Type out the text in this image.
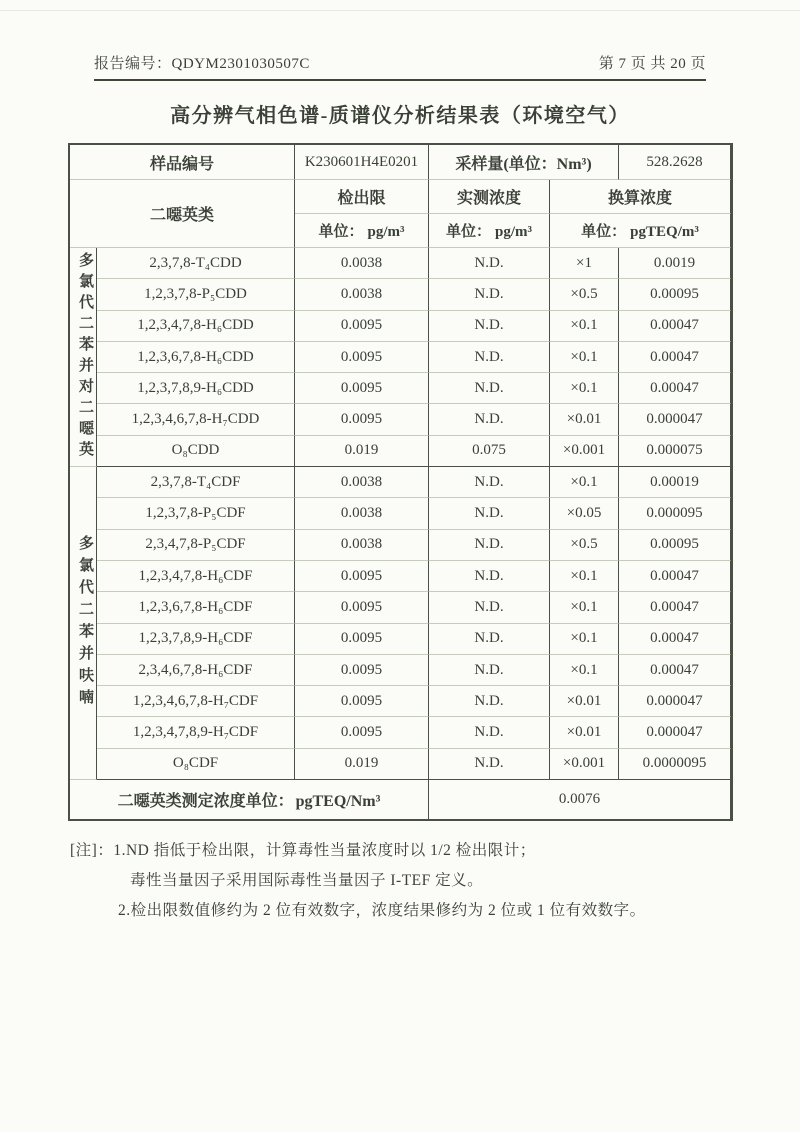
报告编号：QDYM2301030507C	第 7 页 共 20 页
高分辨气相色谱-质谱仪分析结果表（环境空气）
样品编号		K230601H4E0201	采样量(单位：Nm³)		528.2628
二噁英类		检出限	实测浓度	换算浓度	
		单位： pg/m³	单位： pg/m³	单位： pgTEQ/m³	

多氯代二苯并对二噁英	2,3,7,8-T₄CDD	0.0038	N.D.	×1	0.0019
	1,2,3,7,8-P₅CDD	0.0038	N.D.	×0.5	0.00095
	1,2,3,4,7,8-H₆CDD	0.0095	N.D.	×0.1	0.00047
	1,2,3,6,7,8-H₆CDD	0.0095	N.D.	×0.1	0.00047
	1,2,3,7,8,9-H₆CDD	0.0095	N.D.	×0.1	0.00047
	1,2,3,4,6,7,8-H₇CDD	0.0095	N.D.	×0.01	0.000047
	O₈CDD	0.019	0.075	×0.001	0.000075

多氯代二苯并呋喃	2,3,7,8-T₄CDF	0.0038	N.D.	×0.1	0.00019
	1,2,3,7,8-P₅CDF	0.0038	N.D.	×0.05	0.000095
	2,3,4,7,8-P₅CDF	0.0038	N.D.	×0.5	0.00095
	1,2,3,4,7,8-H₆CDF	0.0095	N.D.	×0.1	0.00047
	1,2,3,6,7,8-H₆CDF	0.0095	N.D.	×0.1	0.00047
	1,2,3,7,8,9-H₆CDF	0.0095	N.D.	×0.1	0.00047
	2,3,4,6,7,8-H₆CDF	0.0095	N.D.	×0.1	0.00047
	1,2,3,4,6,7,8-H₇CDF	0.0095	N.D.	×0.01	0.000047
	1,2,3,4,7,8,9-H₇CDF	0.0095	N.D.	×0.01	0.000047
	O₈CDF	0.019	N.D.	×0.001	0.0000095
二噁英类测定浓度单位： pgTEQ/Nm³			0.0076		
[注]：1.ND 指低于检出限，计算毒性当量浓度时以 1/2 检出限计；
毒性当量因子采用国际毒性当量因子 I-TEF 定义。
2.检出限数值修约为 2 位有效数字，浓度结果修约为 2 位或 1 位有效数字。
